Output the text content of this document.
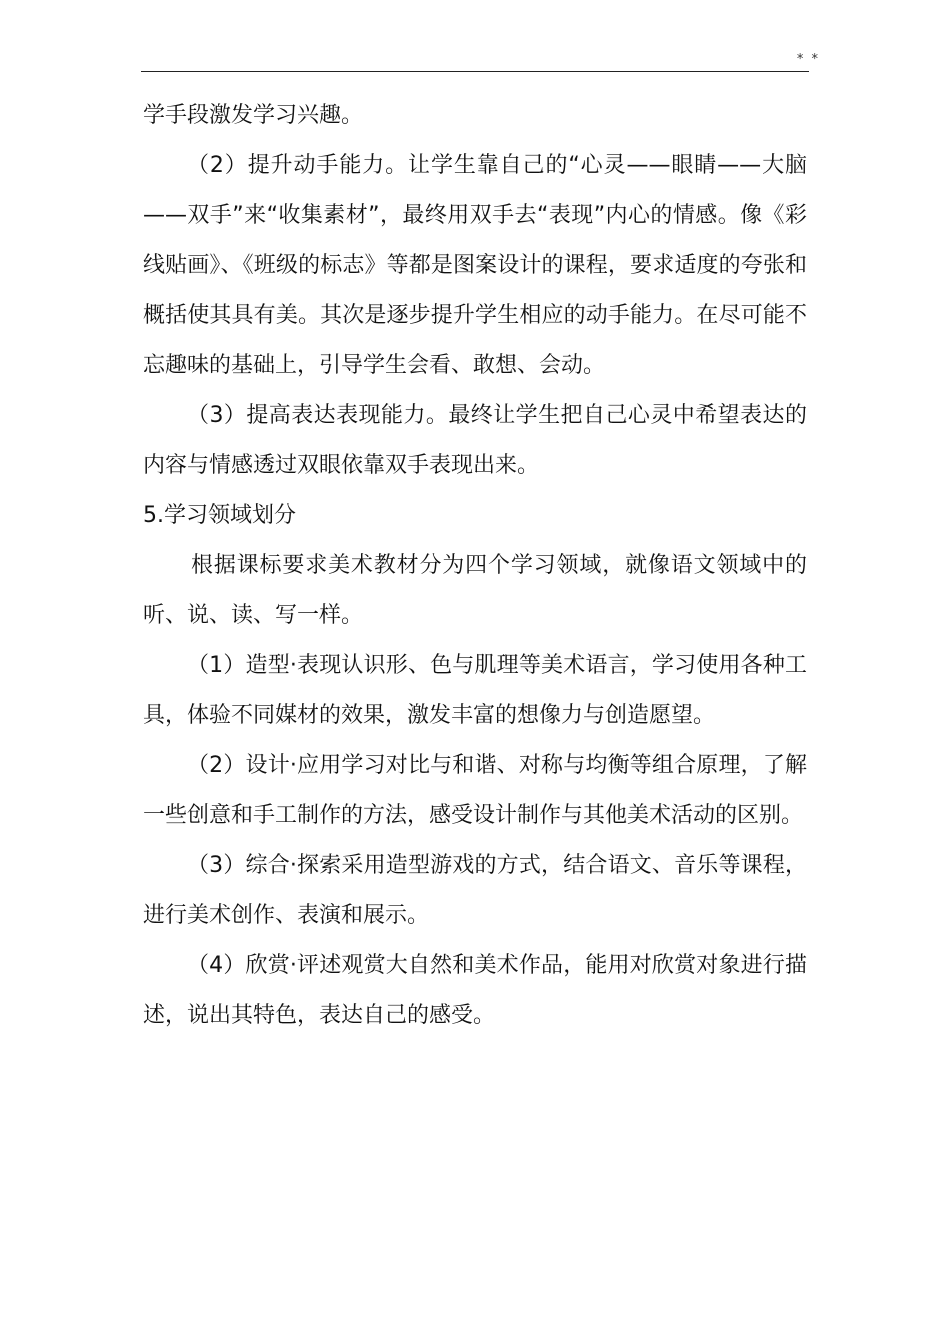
* *

学手段激发学习兴趣。

（2）提升动手能力。让学生靠自己的“心灵——眼睛——大脑——双手”来“收集素材”，最终用双手去“表现”内心的情感。像《彩线贴画》、《班级的标志》等都是图案设计的课程，要求适度的夸张和概括使其具有美。其次是逐步提升学生相应的动手能力。在尽可能不忘趣味的基础上，引导学生会看、敢想、会动。

（3）提高表达表现能力。最终让学生把自己心灵中希望表达的内容与情感透过双眼依靠双手表现出来。

5.学习领域划分

根据课标要求美术教材分为四个学习领域，就像语文领域中的听、说、读、写一样。

（1）造型·表现认识形、色与肌理等美术语言，学习使用各种工具，体验不同媒材的效果，激发丰富的想像力与创造愿望。

（2）设计·应用学习对比与和谐、对称与均衡等组合原理，了解一些创意和手工制作的方法，感受设计制作与其他美术活动的区别。

（3）综合·探索采用造型游戏的方式，结合语文、音乐等课程，进行美术创作、表演和展示。

（4）欣赏·评述观赏大自然和美术作品，能用对欣赏对象进行描述，说出其特色，表达自己的感受。
